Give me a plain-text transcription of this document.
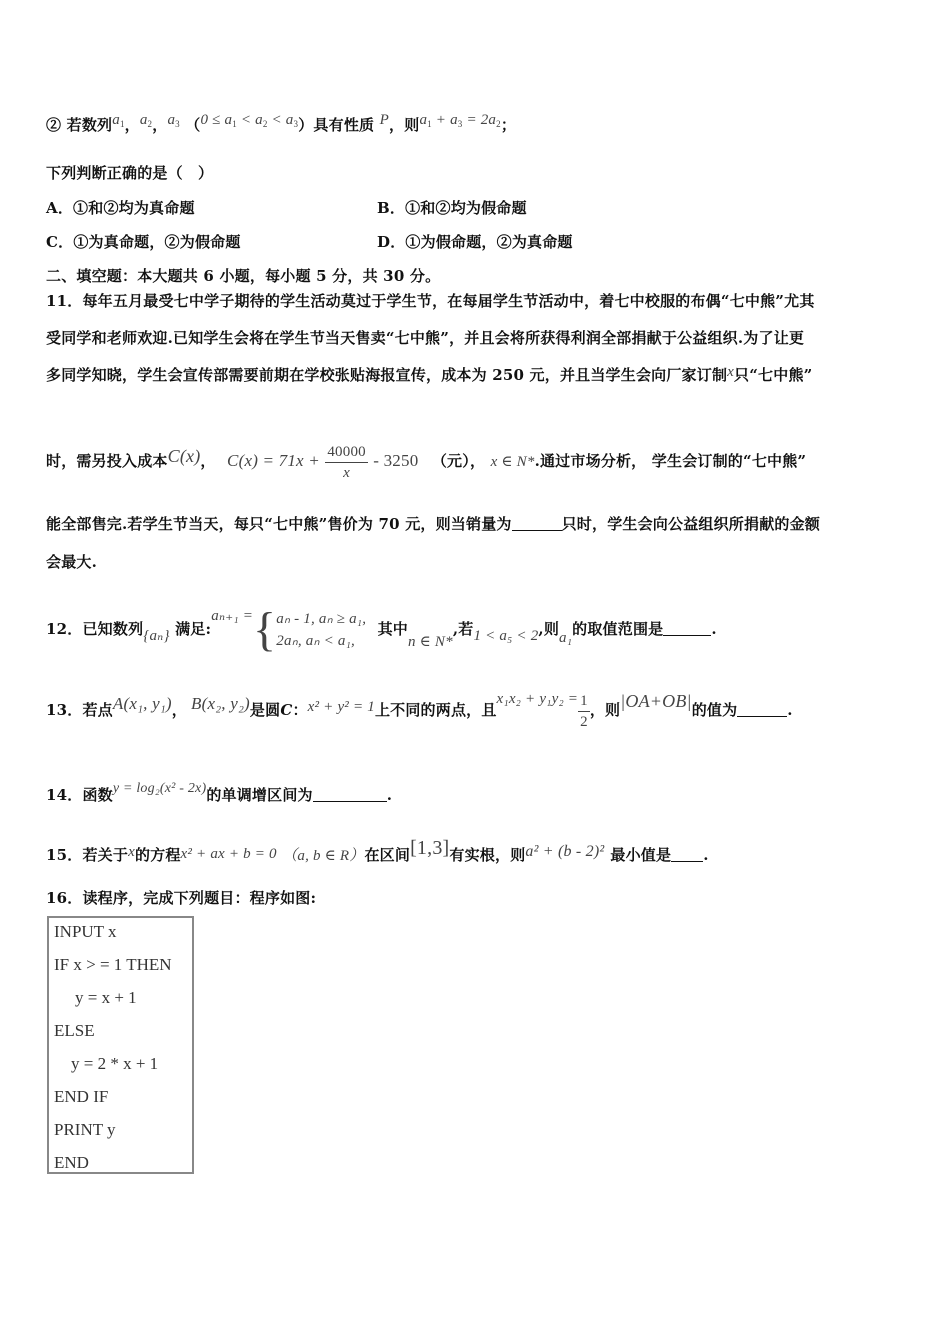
② 若数列$a_1$，$a_2$，$a_3$ $(0 \le a_1 < a_2 < a_3)$具有性质 P，则$a_1 + a_3 = 2a_2$；
下列判断正确的是（　）
A．①和②均为真命题	B．①和②均为假命题
C．①为真命题，②为假命题	D．①为假命题，②为真命题
二、填空题：本大题共 6 小题，每小题 5 分，共 30 分。
11．每年五月最受七中学子期待的学生活动莫过于学生节，在每届学生节活动中，着七中校服的布偶“七中熊”尤其
受同学和老师欢迎.已知学生会将在学生节当天售卖“七中熊”，并且会将所获得利润全部捐献于公益组织.为了让更
多同学知晓，学生会宣传部需要前期在学校张贴海报宣传，成本为 250 元，并且当学生会向厂家订制x只“七中熊”
时，需另投入成本C(x)， $C(x) = 71x + \frac{40000}{x} - 3250$ （元）， x ∈ N*.通过市场分析， 学生会订制的“七中熊”
能全部售完.若学生节当天，每只“七中熊”售价为 70 元，则当销量为	只时，学生会向公益组织所捐献的金额
会最大.
12．已知数列{aₙ} 满足:aₙ₊₁ ={ aₙ - 1, aₙ ≥ a₁,
2aₙ, aₙ < a₁,
其中n ∈ N*,若1 < a₅ < 2,则a₁的取值范围是	.
13．若点A(x₁, y₁)， B(x₂, y₂)是圆C：x² + y² = 1上不同的两点，且$x_1x_2 + y_1y_2 = \frac{1}{2}$ ，则|OA+OB|的值为	.
14．函数y = log₂(x² - 2x)的单调增区间为	.
15．若关于x的方程x² + ax + b = 0 （a, b ∈ R）在区间[1,3]有实根，则a² + (b - 2)² 最小值是 .
16．读程序，完成下列题目：程序如图:
INPUT x
IF x > = 1 THEN
y = x + 1
ELSE
y = 2 * x + 1
END IF
PRINT y
END
